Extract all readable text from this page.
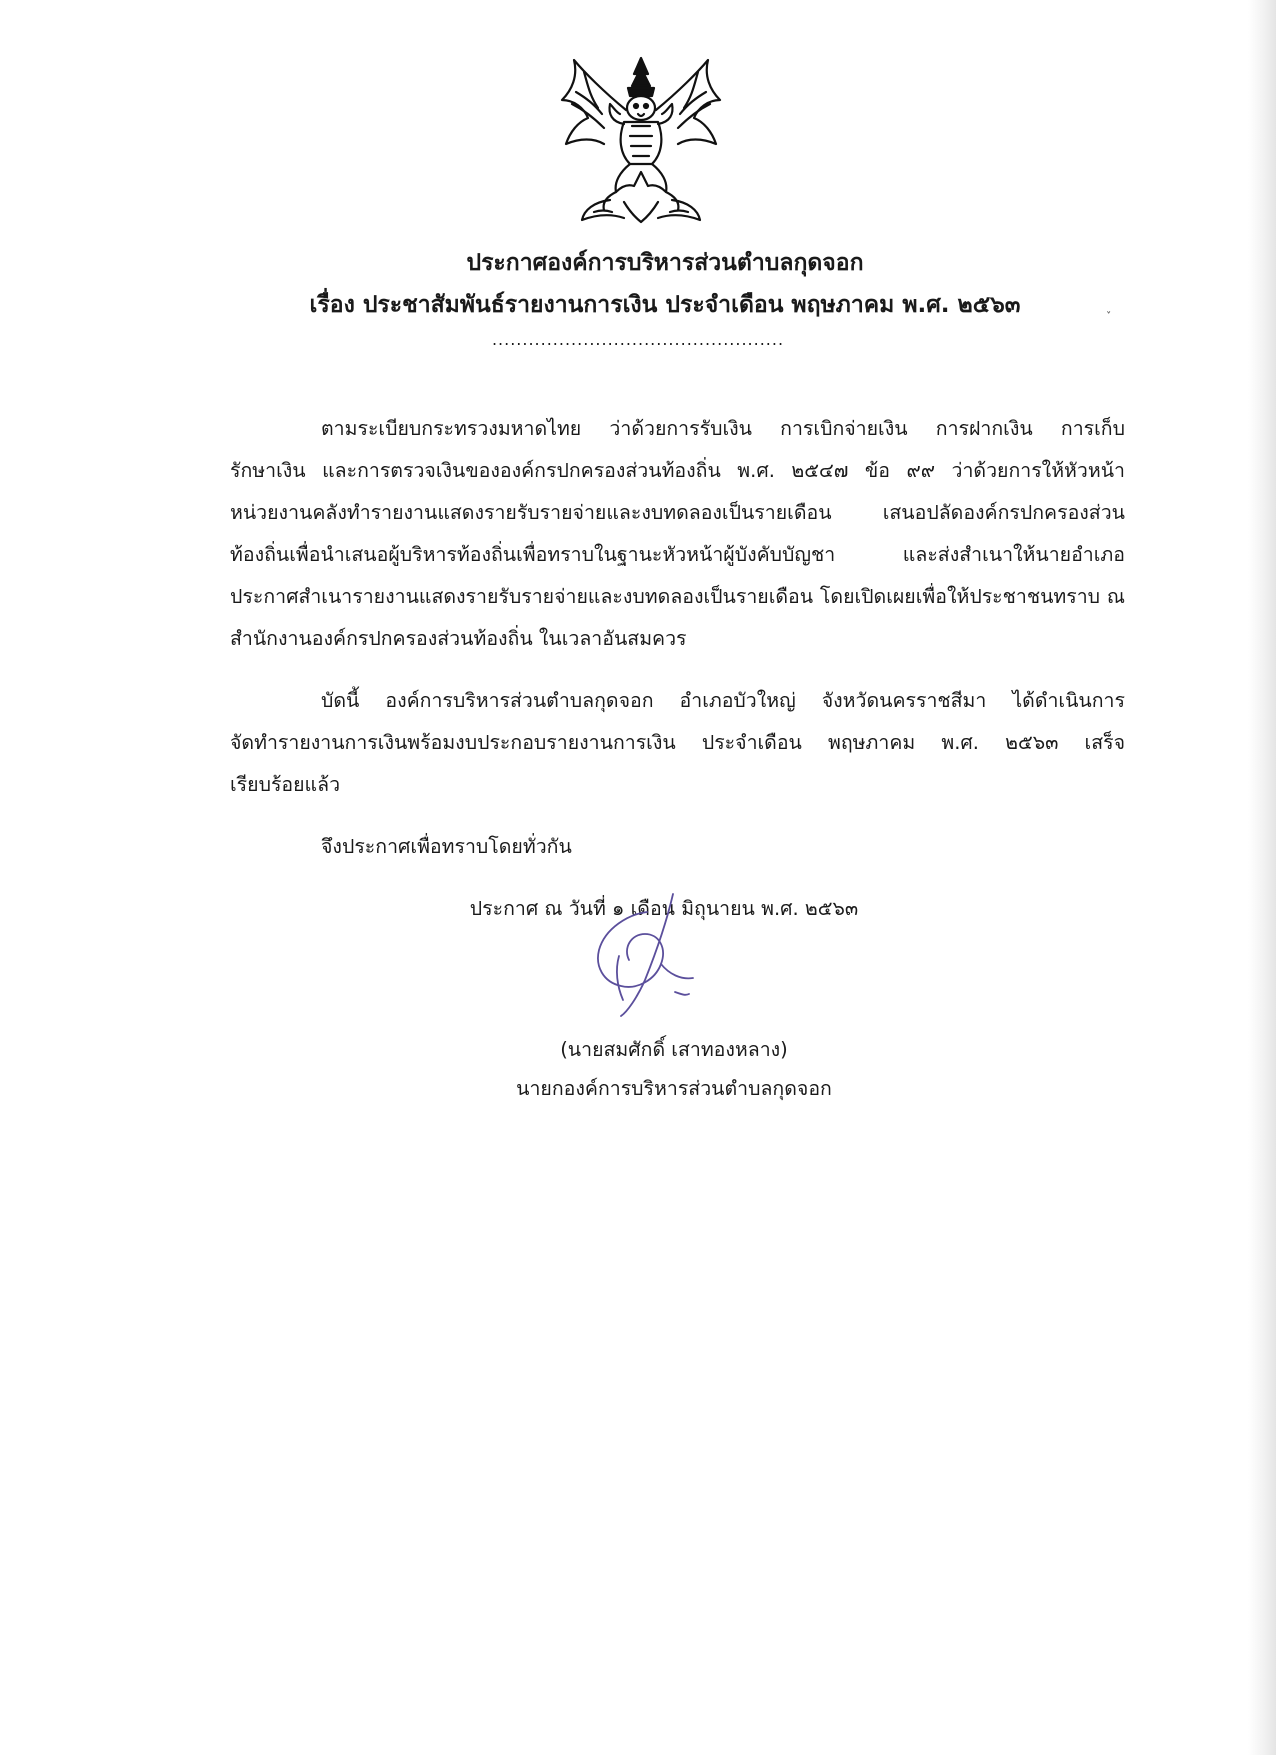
ประกาศองค์การบริหารส่วนตำบลกุดจอก
เรื่อง ประชาสัมพันธ์รายงานการเงิน ประจำเดือน พฤษภาคม พ.ศ. ๒๕๖๓
................................................
˯
ตามระเบียบกระทรวงมหาดไทย ว่าด้วยการรับเงิน การเบิกจ่ายเงิน การฝากเงิน การเก็บ
รักษาเงิน และการตรวจเงินขององค์กรปกครองส่วนท้องถิ่น พ.ศ. ๒๕๔๗ ข้อ ๙๙ ว่าด้วยการให้หัวหน้า
หน่วยงานคลังทำรายงานแสดงรายรับรายจ่ายและงบทดลองเป็นรายเดือน เสนอปลัดองค์กรปกครองส่วน
ท้องถิ่นเพื่อนำเสนอผู้บริหารท้องถิ่นเพื่อทราบในฐานะหัวหน้าผู้บังคับบัญชา และส่งสำเนาให้นายอำเภอ
ประกาศสำเนารายงานแสดงรายรับรายจ่ายและงบทดลองเป็นรายเดือน โดยเปิดเผยเพื่อให้ประชาชนทราบ ณ
สำนักงานองค์กรปกครองส่วนท้องถิ่น ในเวลาอันสมควร
บัดนี้ องค์การบริหารส่วนตำบลกุดจอก อำเภอบัวใหญ่ จังหวัดนครราชสีมา ได้ดำเนินการ
จัดทำรายงานการเงินพร้อมงบประกอบรายงานการเงิน ประจำเดือน พฤษภาคม พ.ศ. ๒๕๖๓ เสร็จ
เรียบร้อยแล้ว
จึงประกาศเพื่อทราบโดยทั่วกัน
ประกาศ ณ วันที่ ๑ เดือน มิถุนายน พ.ศ. ๒๕๖๓
(นายสมศักดิ์ เสาทองหลาง)
นายกองค์การบริหารส่วนตำบลกุดจอก
